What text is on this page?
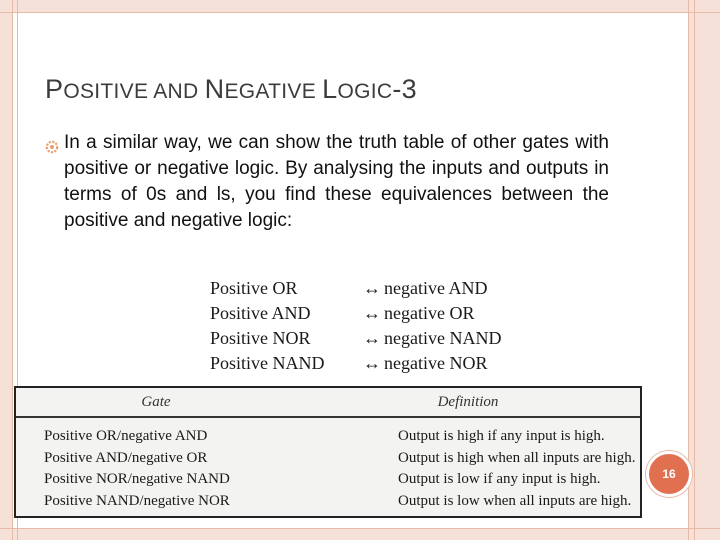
POSITIVE AND NEGATIVE LOGIC-3

In a similar way, we can show the truth table of other gates with positive or negative logic. By analysing the inputs and outputs in terms of 0s and ls, you find these equivalences between the positive and negative logic:

Positive OR	↔ negative AND
Positive AND	↔ negative OR
Positive NOR	↔ negative NAND
Positive NAND	↔ negative NOR
Gate	Definition
Positive OR/negative AND	Output is high if any input is high.
Positive AND/negative OR	Output is high when all inputs are high.
Positive NOR/negative NAND	Output is low if any input is high.
Positive NAND/negative NOR	Output is low when all inputs are high.
16
